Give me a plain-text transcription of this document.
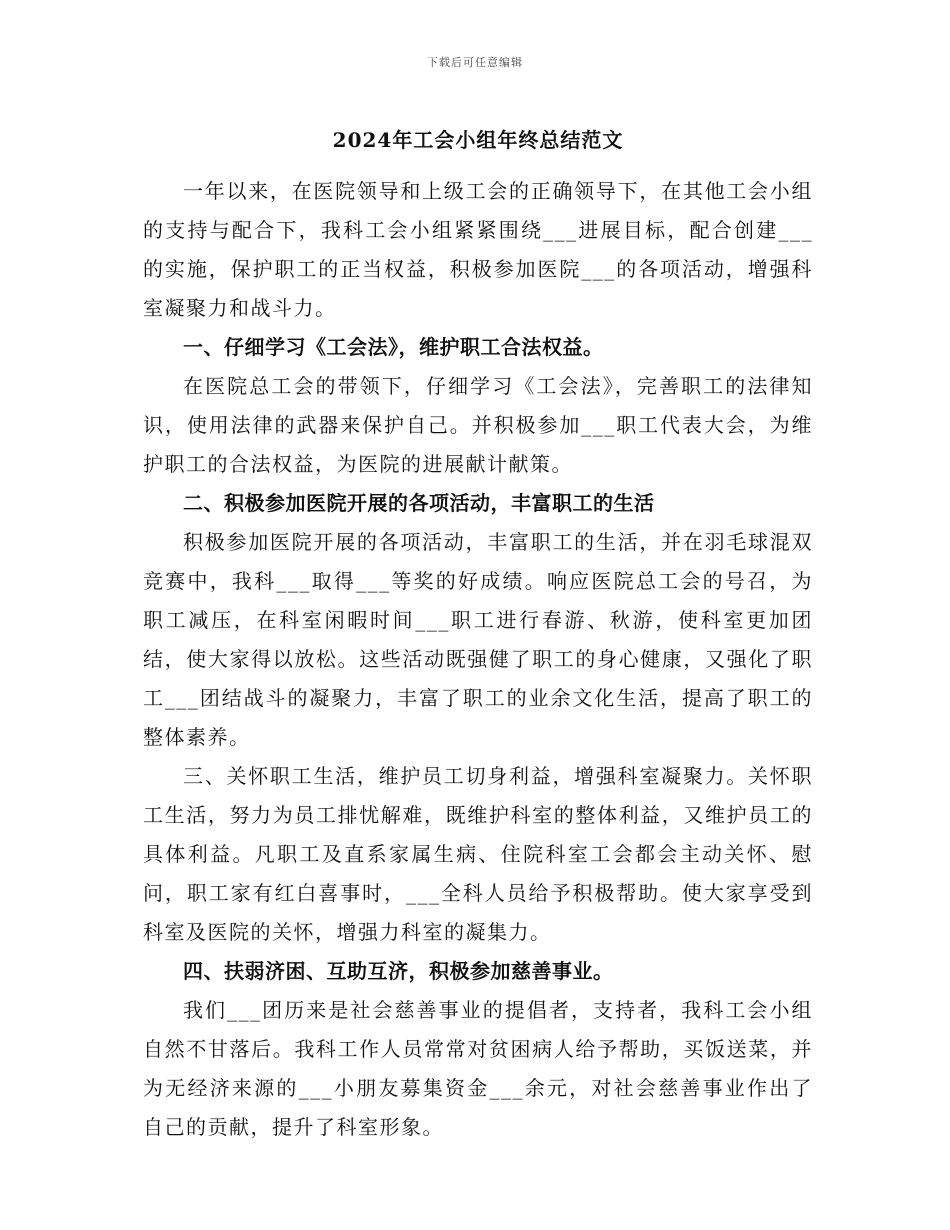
下载后可任意编辑
2024年工会小组年终总结范文

一年以来，在医院领导和上级工会的正确领导下，在其他工会小组的支持与配合下，我科工会小组紧紧围绕___进展目标，配合创建___的实施，保护职工的正当权益，积极参加医院___的各项活动，增强科室凝聚力和战斗力。

一、仔细学习《工会法》，维护职工合法权益。

在医院总工会的带领下，仔细学习《工会法》，完善职工的法律知识，使用法律的武器来保护自己。并积极参加___职工代表大会，为维护职工的合法权益，为医院的进展献计献策。

二、积极参加医院开展的各项活动，丰富职工的生活

积极参加医院开展的各项活动，丰富职工的生活，并在羽毛球混双竞赛中，我科___取得___等奖的好成绩。响应医院总工会的号召，为职工减压，在科室闲暇时间___职工进行春游、秋游，使科室更加团结，使大家得以放松。这些活动既强健了职工的身心健康，又强化了职工___团结战斗的凝聚力，丰富了职工的业余文化生活，提高了职工的整体素养。

三、关怀职工生活，维护员工切身利益，增强科室凝聚力。关怀职工生活，努力为员工排忧解难，既维护科室的整体利益，又维护员工的具体利益。凡职工及直系家属生病、住院科室工会都会主动关怀、慰问，职工家有红白喜事时，___全科人员给予积极帮助。使大家享受到科室及医院的关怀，增强力科室的凝集力。

四、扶弱济困、互助互济，积极参加慈善事业。

我们___团历来是社会慈善事业的提倡者，支持者，我科工会小组自然不甘落后。我科工作人员常常对贫困病人给予帮助，买饭送菜，并为无经济来源的___小朋友募集资金___余元，对社会慈善事业作出了自己的贡献，提升了科室形象。
